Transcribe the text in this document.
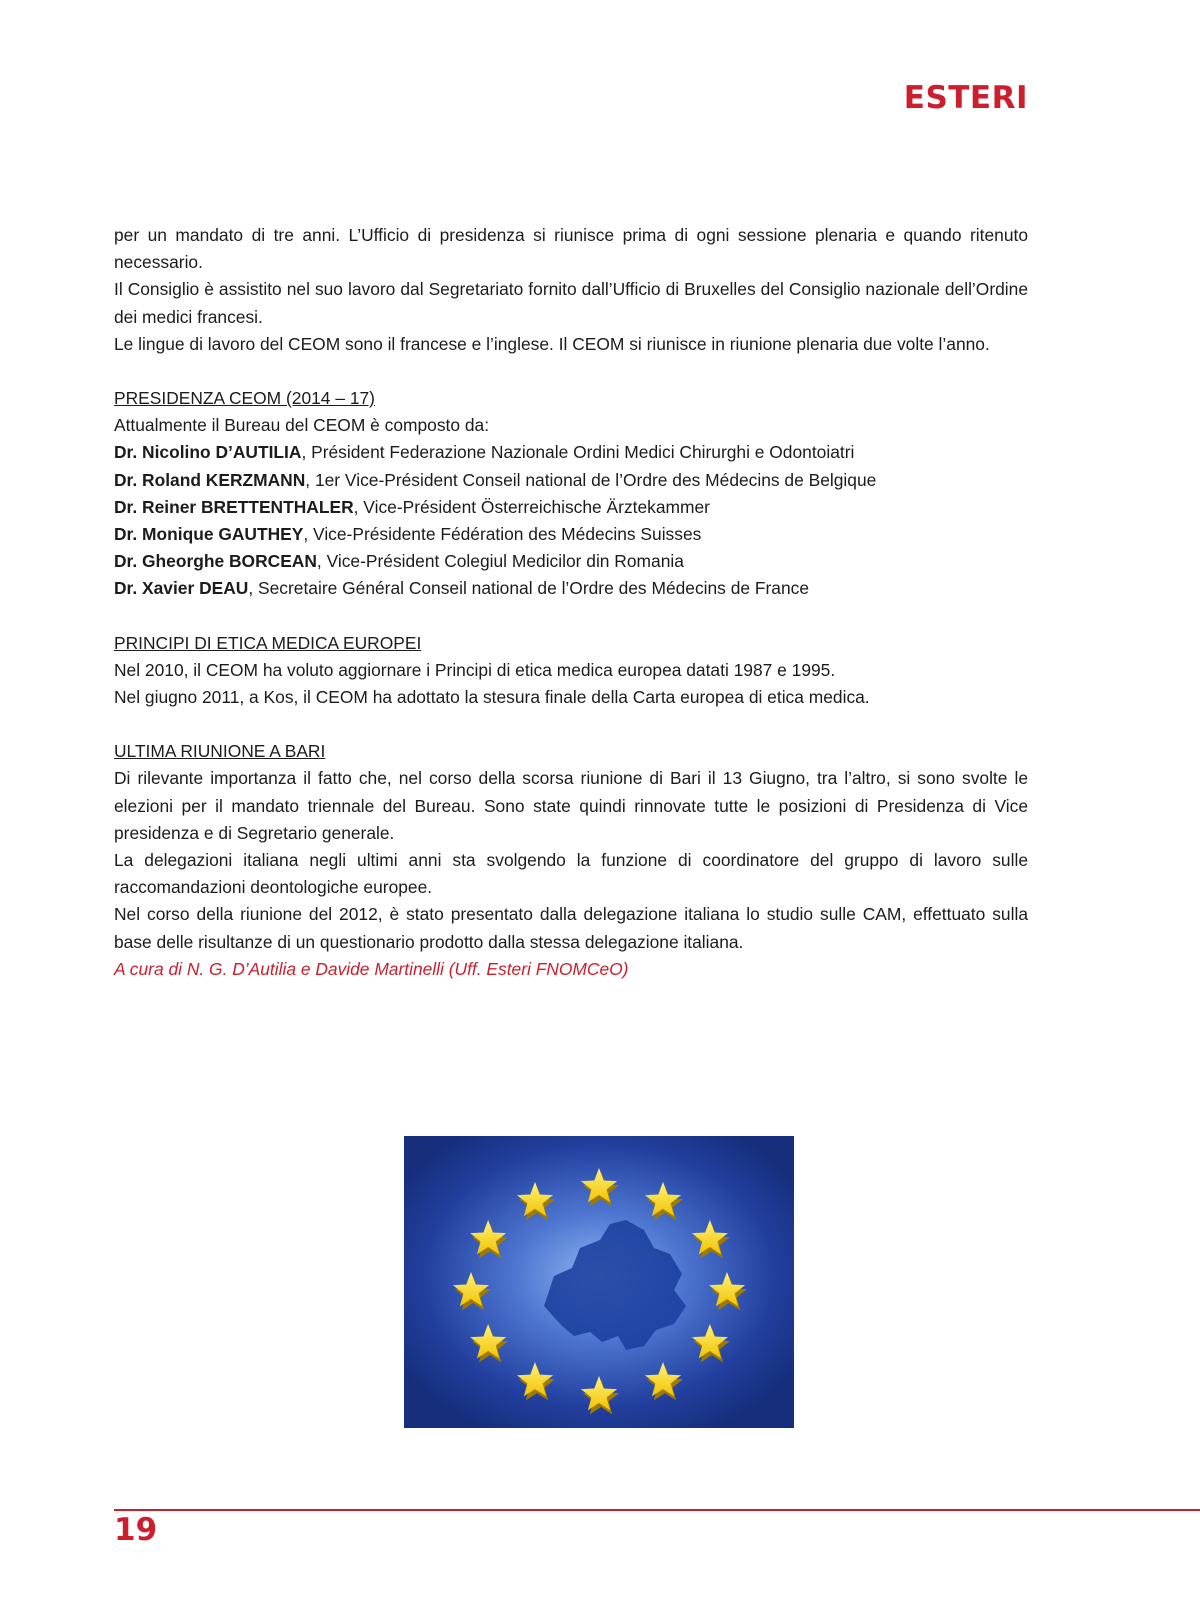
ESTERI

per un mandato di tre anni. L’Ufficio di presidenza si riunisce prima di ogni sessione plenaria e quando ritenuto necessario.

Il Consiglio è assistito nel suo lavoro dal Segretariato fornito dall’Ufficio di Bruxelles del Consiglio nazionale dell’Ordine dei medici francesi.

Le lingue di lavoro del CEOM sono il francese e l’inglese. Il CEOM si riunisce in riunione plenaria due volte l’anno.

PRESIDENZA CEOM (2014 – 17)

Attualmente il Bureau del CEOM è composto da:

Dr. Nicolino D’AUTILIA, Président Federazione Nazionale Ordini Medici Chirurghi e Odontoiatri

Dr. Roland KERZMANN, 1er Vice-Président Conseil national de l’Ordre des Médecins de Belgique

Dr. Reiner BRETTENTHALER, Vice-Président Österreichische Ärztekammer

Dr. Monique GAUTHEY, Vice-Présidente Fédération des Médecins Suisses

Dr. Gheorghe BORCEAN, Vice-Président Colegiul Medicilor din Romania

Dr. Xavier DEAU, Secretaire Général Conseil national de l’Ordre des Médecins de France

PRINCIPI DI ETICA MEDICA EUROPEI

Nel 2010, il CEOM ha voluto aggiornare i Principi di etica medica europea datati 1987 e 1995.

Nel giugno 2011, a Kos, il CEOM ha adottato la stesura finale della Carta europea di etica medica.

ULTIMA RIUNIONE A BARI

Di rilevante importanza il fatto che, nel corso della scorsa riunione di Bari il 13 Giugno, tra l’altro, si sono svolte le elezioni per il mandato triennale del Bureau. Sono state quindi rinnovate tutte le posizioni di Presidenza di Vice presidenza e di Segretario generale.

La delegazioni italiana negli ultimi anni sta svolgendo la funzione di coordinatore del gruppo di lavoro sulle raccomandazioni deontologiche europee.

Nel corso della riunione del 2012, è stato presentato dalla delegazione italiana lo studio sulle CAM, effettuato sulla base delle risultanze di un questionario prodotto dalla stessa delegazione italiana.

A cura di N. G. D’Autilia e Davide Martinelli (Uff. Esteri FNOMCeO)

19
